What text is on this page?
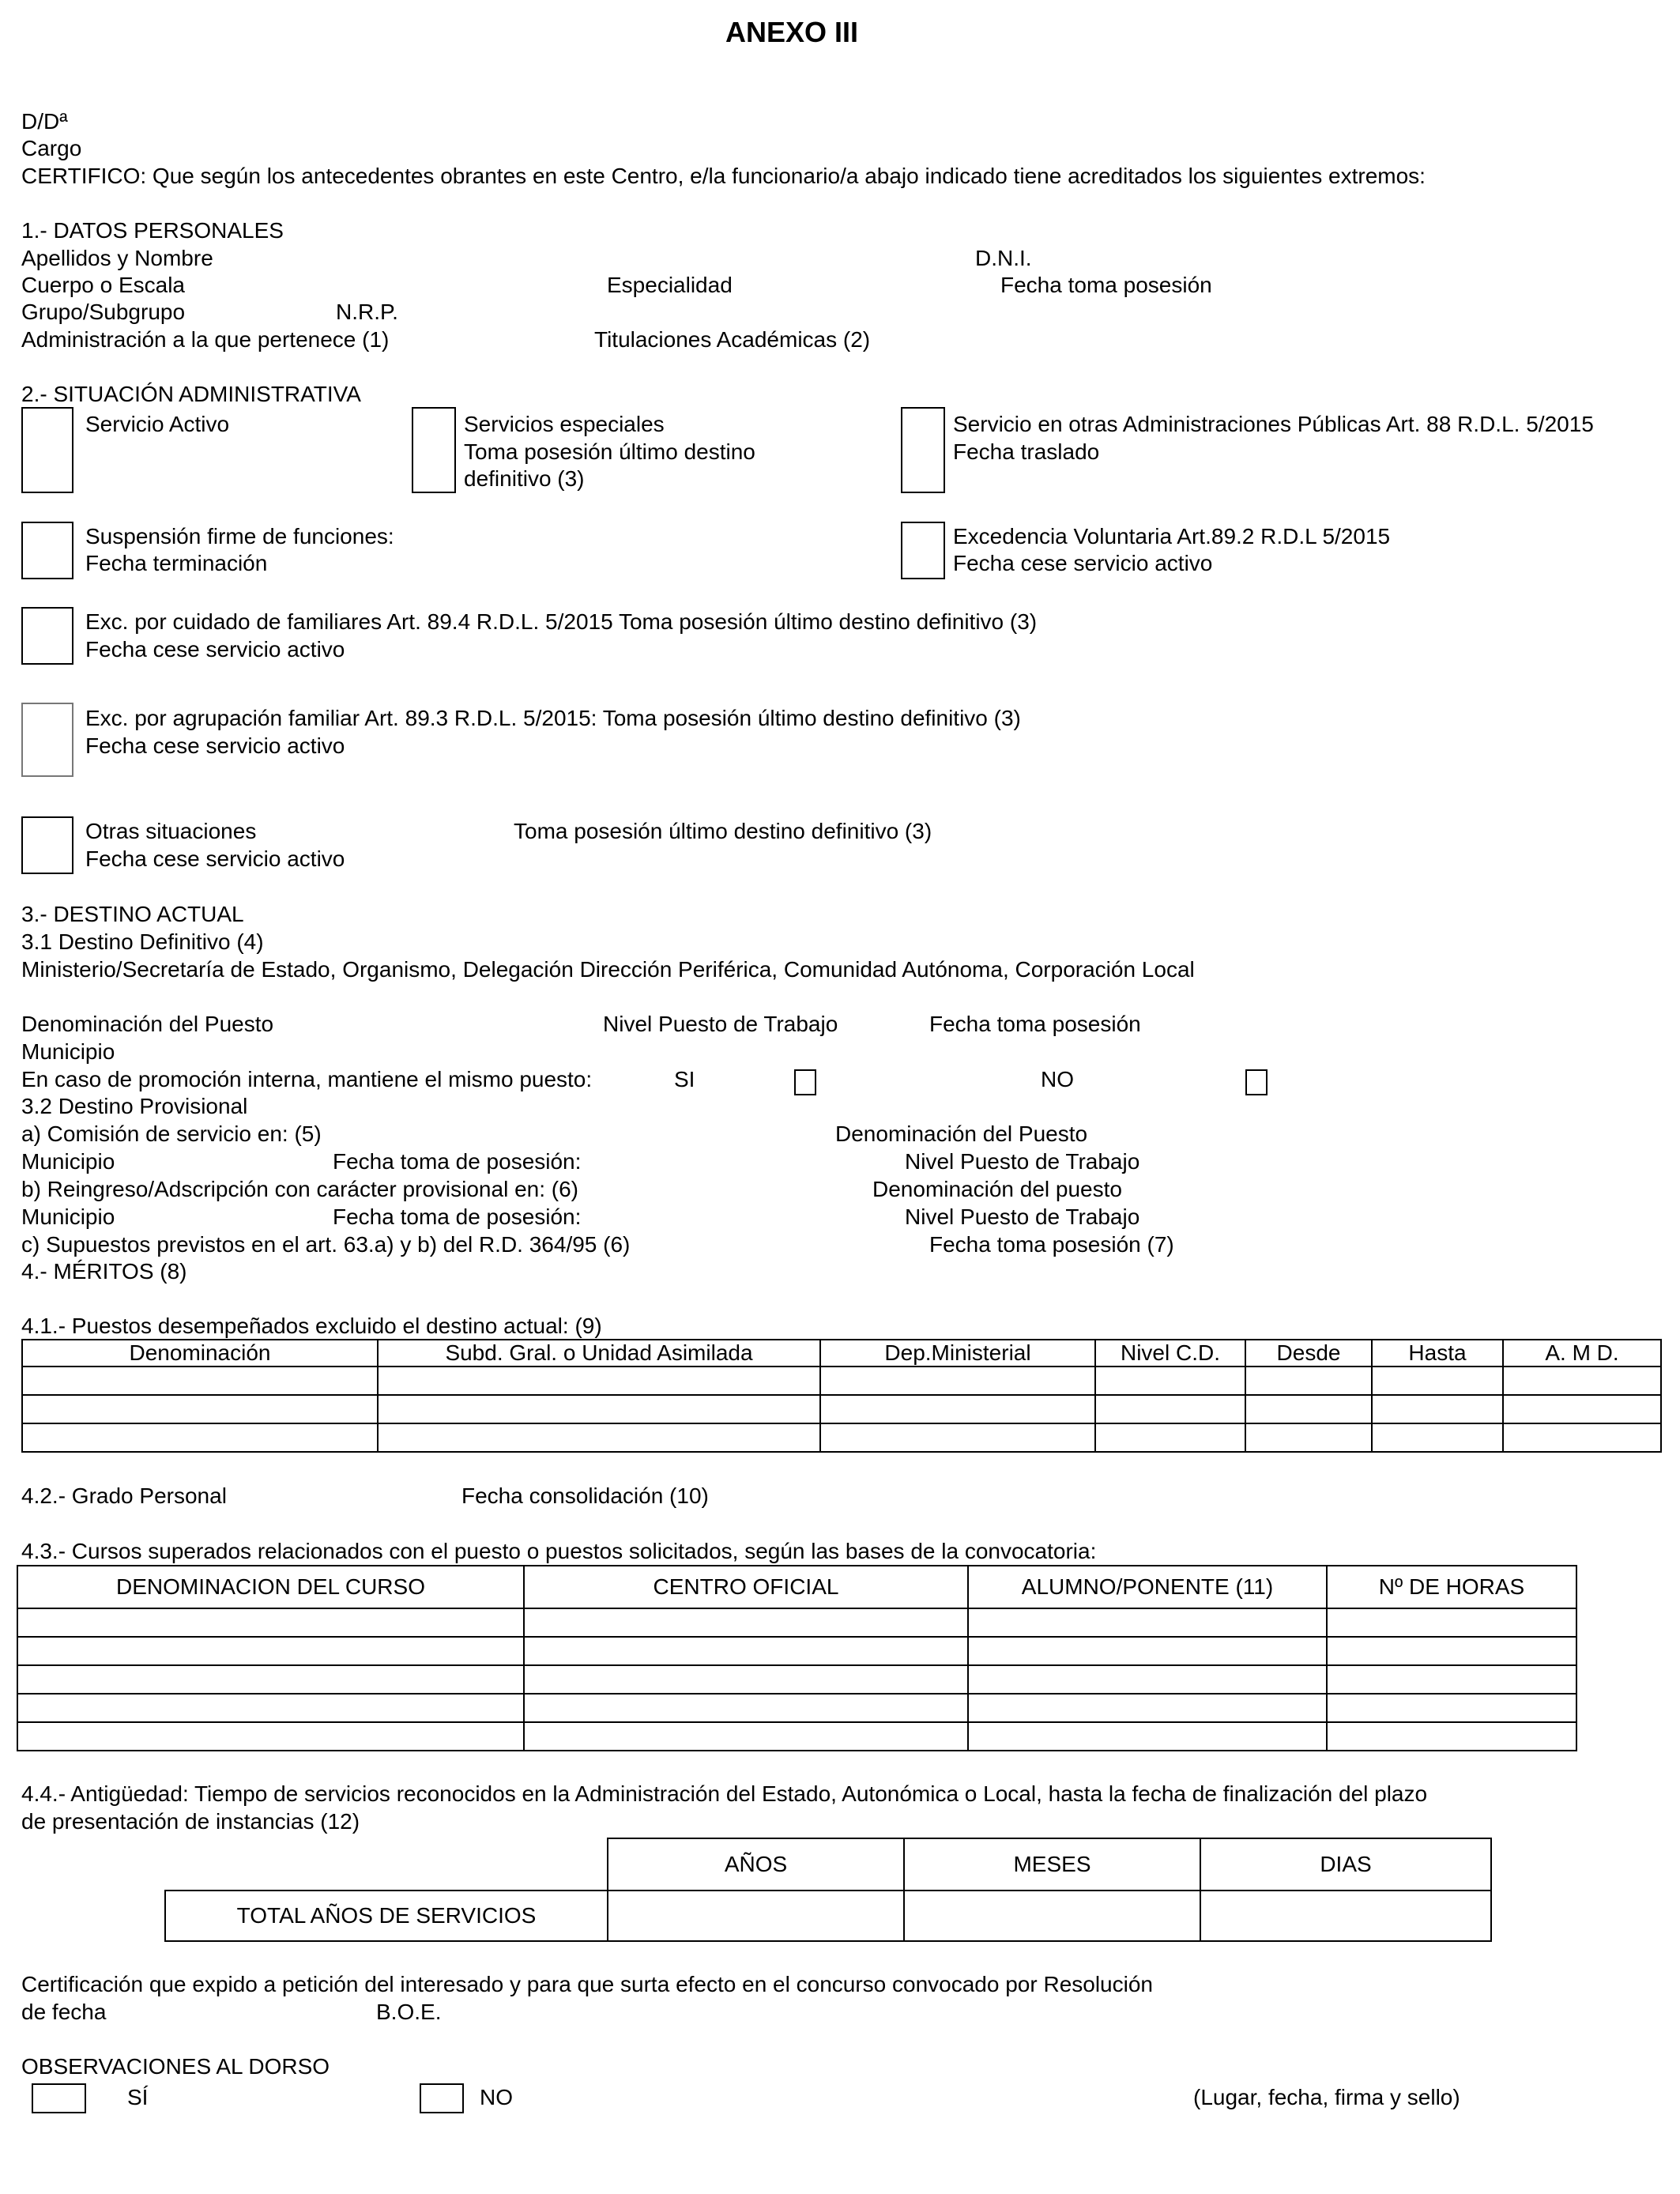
ANEXO III
D/Dª
Cargo
CERTIFICO: Que según los antecedentes obrantes en este Centro, e/la funcionario/a abajo indicado tiene acreditados los siguientes extremos:
1.- DATOS PERSONALES
Apellidos y Nombre	D.N.I.
Cuerpo o Escala	Especialidad	Fecha toma posesión
Grupo/Subgrupo	N.R.P.
Administración a la que pertenece (1)	Titulaciones Académicas (2)
2.- SITUACIÓN ADMINISTRATIVA
Servicio Activo	Servicios especiales
Toma posesión último destino
definitivo (3)
Servicio en otras Administraciones Públicas Art. 88 R.D.L. 5/2015
Fecha traslado
Suspensión firme de funciones:
Fecha terminación
Excedencia Voluntaria Art.89.2 R.D.L 5/2015
Fecha cese servicio activo
Exc. por cuidado de familiares Art. 89.4 R.D.L. 5/2015 Toma posesión último destino definitivo (3)
Fecha cese servicio activo
Exc. por agrupación familiar Art. 89.3 R.D.L. 5/2015: Toma posesión último destino definitivo (3)
Fecha cese servicio activo
Otras situaciones	Toma posesión último destino definitivo (3)
Fecha cese servicio activo
3.- DESTINO ACTUAL
3.1 Destino Definitivo (4)
Ministerio/Secretaría de Estado, Organismo, Delegación Dirección Periférica, Comunidad Autónoma, Corporación Local
Denominación del Puesto	Nivel Puesto de Trabajo	Fecha toma posesión
Municipio
En caso de promoción interna, mantiene el mismo puesto:	SI	NO
3.2 Destino Provisional
a) Comisión de servicio en: (5)	Denominación del Puesto
Municipio	Fecha toma de posesión:	Nivel Puesto de Trabajo
b) Reingreso/Adscripción con carácter provisional en: (6)	Denominación del puesto
Municipio	Fecha toma de posesión:	Nivel Puesto de Trabajo
c) Supuestos previstos en el art. 63.a) y b) del R.D. 364/95 (6)	Fecha toma posesión (7)
4.- MÉRITOS (8)
4.1.- Puestos desempeñados excluido el destino actual: (9)
Denominación	Subd. Gral. o Unidad Asimilada	Dep.Ministerial	Nivel C.D.	Desde	Hasta	A. M D.

4.2.- Grado Personal	Fecha consolidación (10)
4.3.- Cursos superados relacionados con el puesto o puestos solicitados, según las bases de la convocatoria:
DENOMINACION DEL CURSO	CENTRO OFICIAL	ALUMNO/PONENTE (11)	Nº DE HORAS

4.4.- Antigüedad: Tiempo de servicios reconocidos en la Administración del Estado, Autonómica o Local, hasta la fecha de finalización del plazo
de presentación de instancias (12)
	AÑOS	MESES	DIAS
TOTAL AÑOS DE SERVICIOS			
Certificación que expido a petición del interesado y para que surta efecto en el concurso convocado por Resolución
de fecha	B.O.E.
OBSERVACIONES AL DORSO
SÍ	NO	(Lugar, fecha, firma y sello)
